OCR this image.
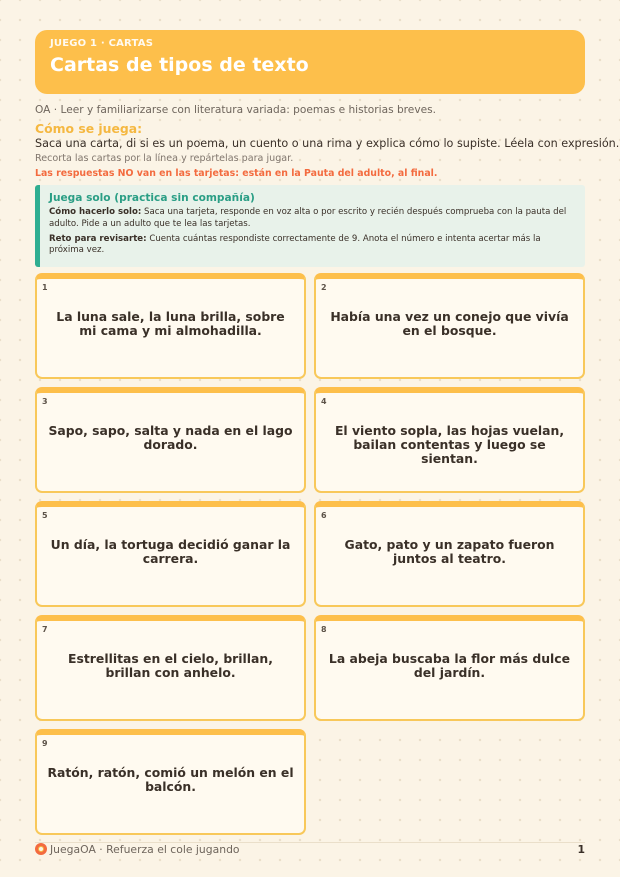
JUEGO 1 · CARTAS
Cartas de tipos de texto
OA · Leer y familiarizarse con literatura variada: poemas e historias breves.
Cómo se juega:
Saca una carta, di si es un poema, un cuento o una rima y explica cómo lo supiste. Léela con expresión.
Recorta las cartas por la línea y repártelas para jugar.
Las respuestas NO van en las tarjetas: están en la Pauta del adulto, al final.
Juega solo (practica sin compañía)
Cómo hacerlo solo: Saca una tarjeta, responde en voz alta o por escrito y recién después comprueba con la pauta del adulto. Pide a un adulto que te lea las tarjetas.
Reto para revisarte: Cuenta cuántas respondiste correctamente de 9. Anota el número e intenta acertar más la próxima vez.
1
La luna sale, la luna brilla, sobre mi cama y mi almohadilla.
2
Había una vez un conejo que vivía en el bosque.
3
Sapo, sapo, salta y nada en el lago dorado.
4
El viento sopla, las hojas vuelan, bailan contentas y luego se sientan.
5
Un día, la tortuga decidió ganar la carrera.
6
Gato, pato y un zapato fueron juntos al teatro.
7
Estrellitas en el cielo, brillan, brillan con anhelo.
8
La abeja buscaba la flor más dulce del jardín.
9
Ratón, ratón, comió un melón en el balcón.
JuegaOA · Refuerza el cole jugando	1
